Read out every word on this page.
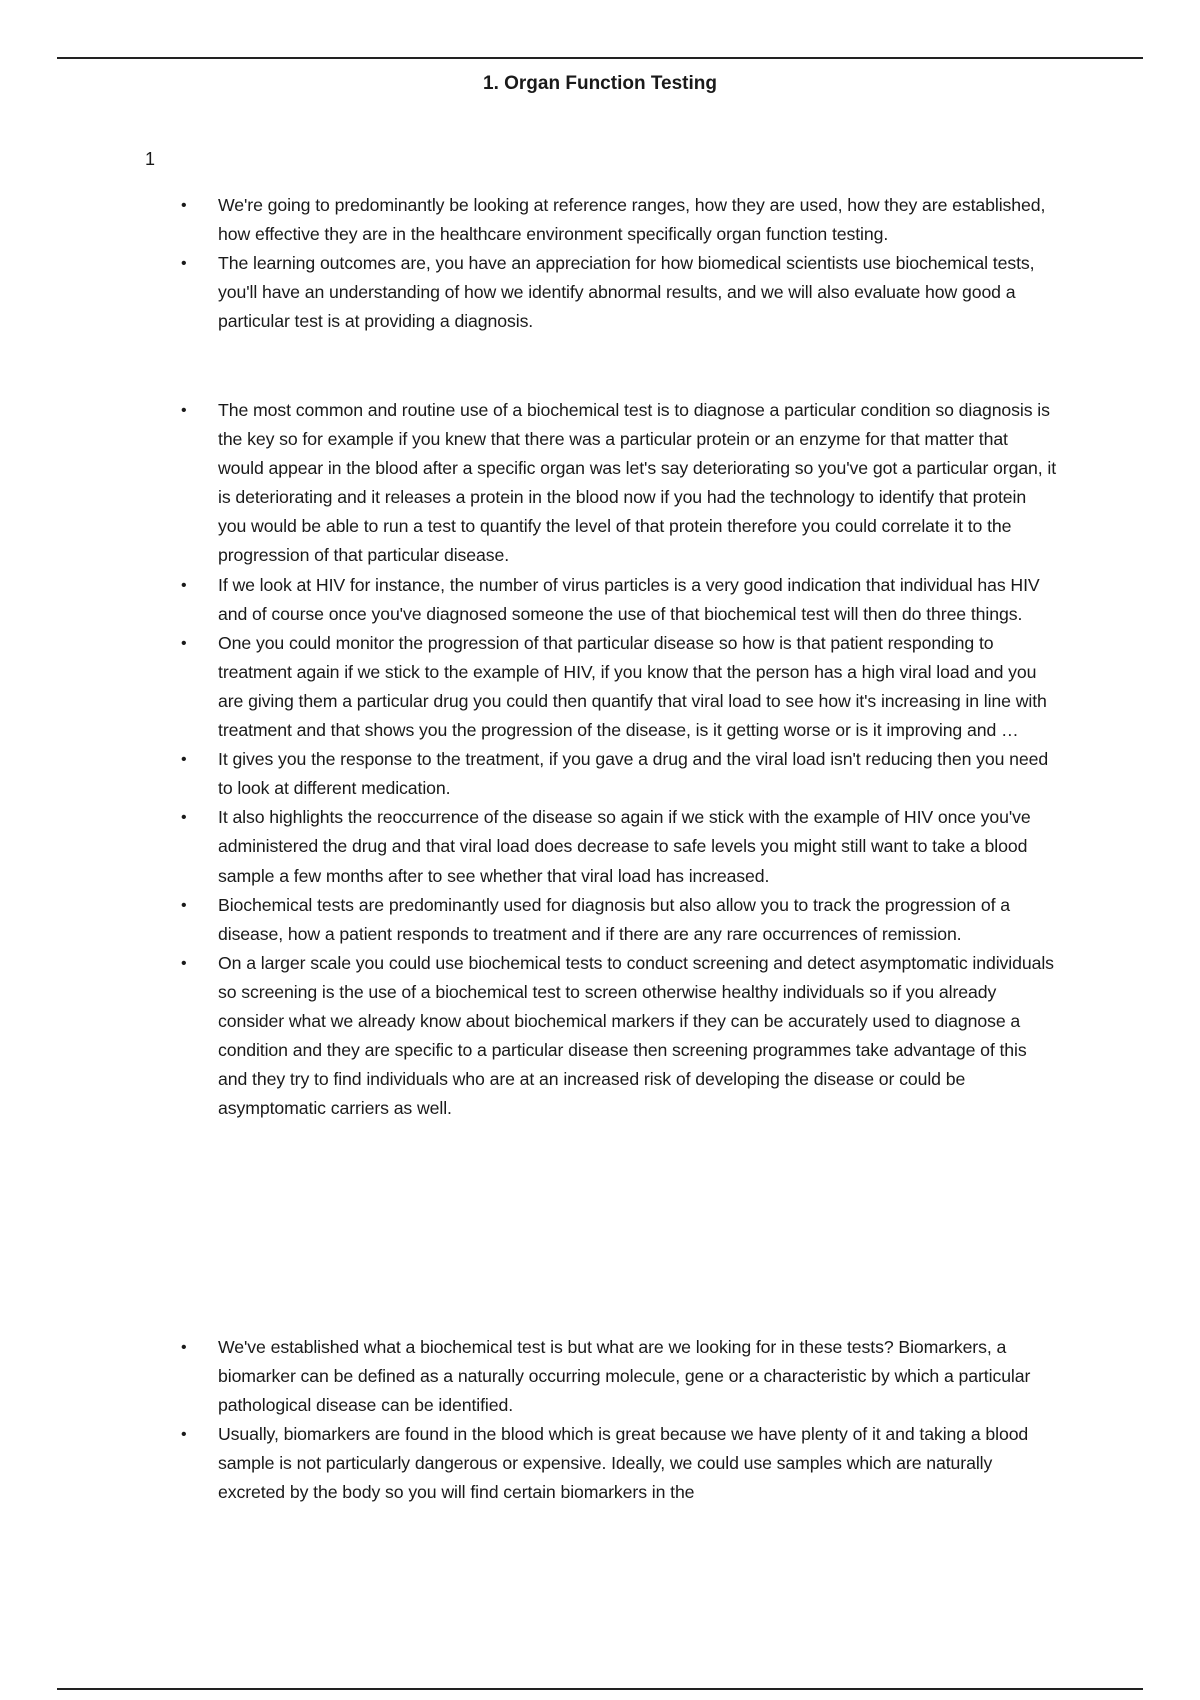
1. Organ Function Testing
1
• We're going to predominantly be looking at reference ranges, how they are used, how they are established, how effective they are in the healthcare environment specifically organ function testing.
• The learning outcomes are, you have an appreciation for how biomedical scientists use biochemical tests, you'll have an understanding of how we identify abnormal results, and we will also evaluate how good a particular test is at providing a diagnosis.
• The most common and routine use of a biochemical test is to diagnose a particular condition so diagnosis is the key so for example if you knew that there was a particular protein or an enzyme for that matter that would appear in the blood after a specific organ was let's say deteriorating so you've got a particular organ, it is deteriorating and it releases a protein in the blood now if you had the technology to identify that protein you would be able to run a test to quantify the level of that protein therefore you could correlate it to the progression of that particular disease.
• If we look at HIV for instance, the number of virus particles is a very good indication that individual has HIV and of course once you've diagnosed someone the use of that biochemical test will then do three things.
• One you could monitor the progression of that particular disease so how is that patient responding to treatment again if we stick to the example of HIV, if you know that the person has a high viral load and you are giving them a particular drug you could then quantify that viral load to see how it's increasing in line with treatment and that shows you the progression of the disease, is it getting worse or is it improving and …
• It gives you the response to the treatment, if you gave a drug and the viral load isn't reducing then you need to look at different medication.
• It also highlights the reoccurrence of the disease so again if we stick with the example of HIV once you've administered the drug and that viral load does decrease to safe levels you might still want to take a blood sample a few months after to see whether that viral load has increased.
• Biochemical tests are predominantly used for diagnosis but also allow you to track the progression of a disease, how a patient responds to treatment and if there are any rare occurrences of remission.
• On a larger scale you could use biochemical tests to conduct screening and detect asymptomatic individuals so screening is the use of a biochemical test to screen otherwise healthy individuals so if you already consider what we already know about biochemical markers if they can be accurately used to diagnose a condition and they are specific to a particular disease then screening programmes take advantage of this and they try to find individuals who are at an increased risk of developing the disease or could be asymptomatic carriers as well.
• We've established what a biochemical test is but what are we looking for in these tests? Biomarkers, a biomarker can be defined as a naturally occurring molecule, gene or a characteristic by which a particular pathological disease can be identified.
• Usually, biomarkers are found in the blood which is great because we have plenty of it and taking a blood sample is not particularly dangerous or expensive. Ideally, we could use samples which are naturally excreted by the body so you will find certain biomarkers in the
